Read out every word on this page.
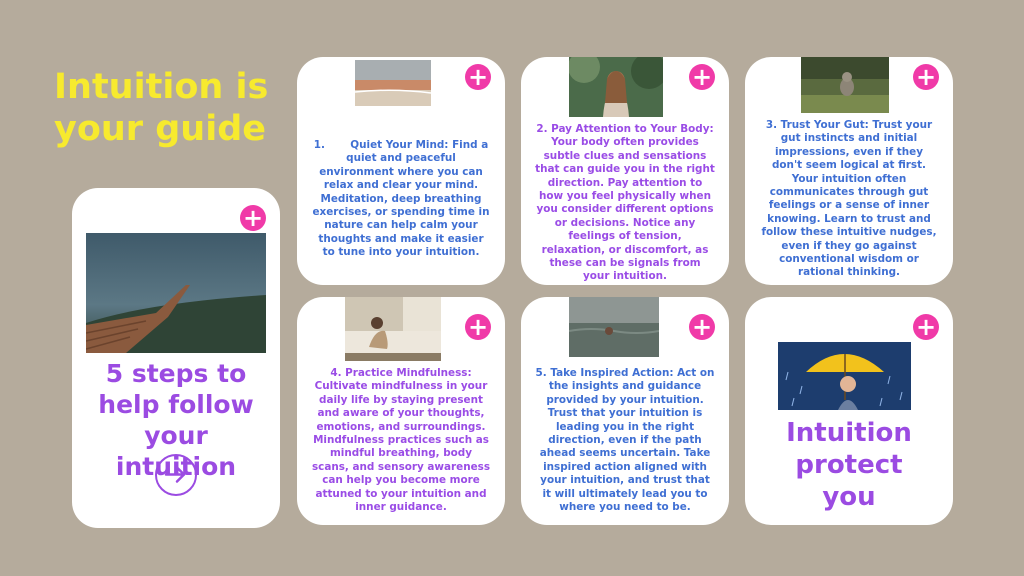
Intuition is your guide
+

5 steps to help follow your intuition

+

1.       Quiet Your Mind: Find a quiet and peaceful environment where you can relax and clear your mind. Meditation, deep breathing exercises, or spending time in nature can help calm your thoughts and make it easier to tune into your intuition.

+

2. Pay Attention to Your Body: Your body often provides subtle clues and sensations that can guide you in the right direction. Pay attention to how you feel physically when you consider different options or decisions. Notice any feelings of tension, relaxation, or discomfort, as these can be signals from your intuition.

+

3. Trust Your Gut: Trust your gut instincts and initial impressions, even if they don't seem logical at first. Your intuition often communicates through gut feelings or a sense of inner knowing. Learn to trust and follow these intuitive nudges, even if they go against conventional wisdom or rational thinking.

+

4. Practice Mindfulness: Cultivate mindfulness in your daily life by staying present and aware of your thoughts, emotions, and surroundings. Mindfulness practices such as mindful breathing, body scans, and sensory awareness can help you become more attuned to your intuition and inner guidance.

+

5. Take Inspired Action: Act on the insights and guidance provided by your intuition. Trust that your intuition is leading you in the right direction, even if the path ahead seems uncertain. Take inspired action aligned with your intuition, and trust that it will ultimately lead you to where you need to be.

+

Intuition protect you
